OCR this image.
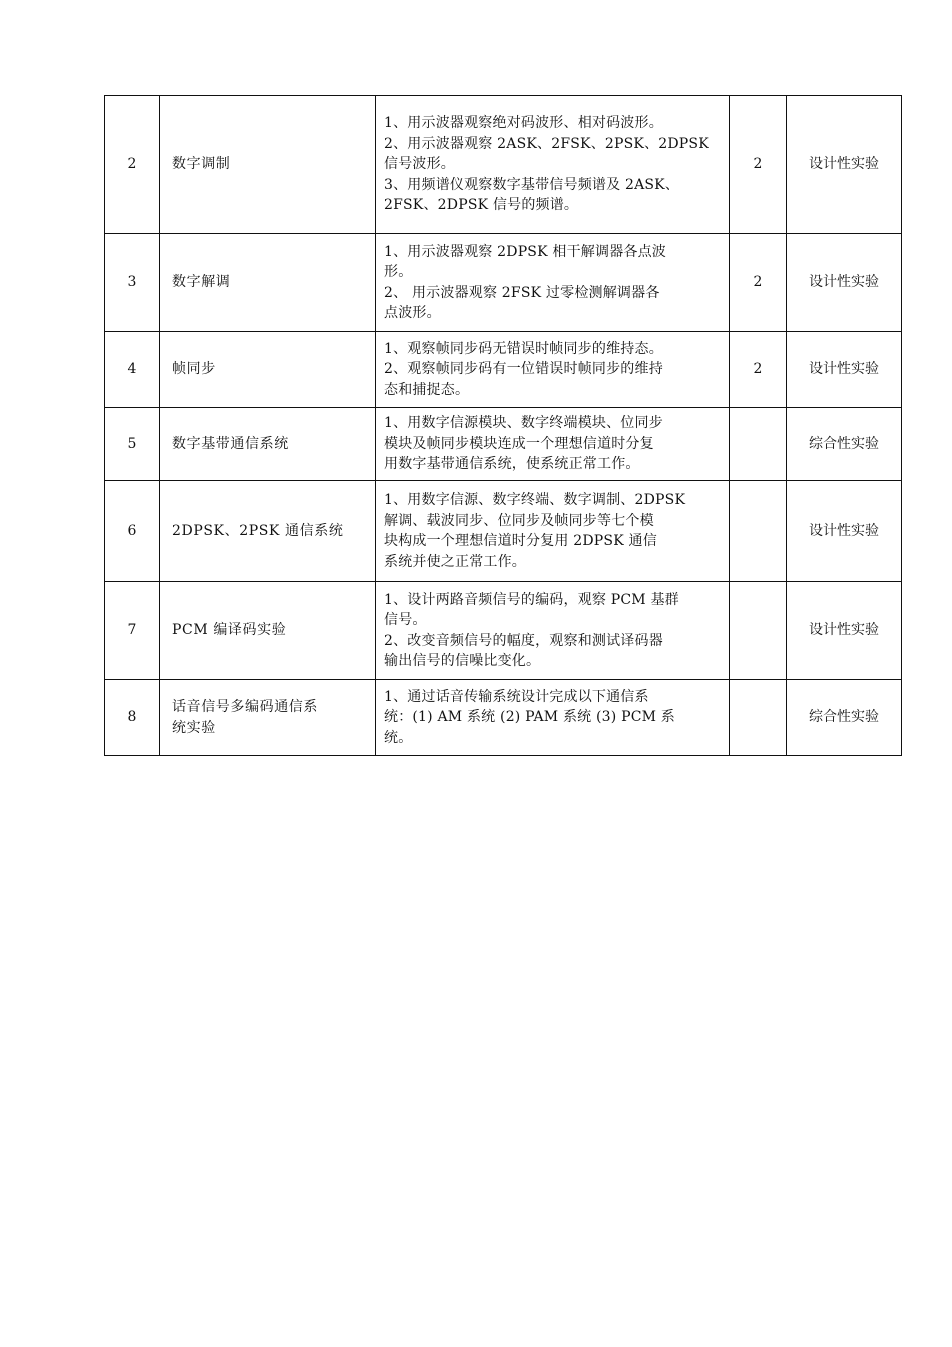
2	数字调制	1、用示波器观察绝对码波形、相对码波形。
2、用示波器观察 2ASK、2FSK、2PSK、2DPSK
信号波形。
3、用频谱仪观察数字基带信号频谱及 2ASK、
2FSK、2DPSK 信号的频谱。	2	设计性实验
3	数字解调	1、用示波器观察 2DPSK 相干解调器各点波
形。
2、 用示波器观察 2FSK 过零检测解调器各
点波形。	2	设计性实验
4	帧同步	1、观察帧同步码无错误时帧同步的维持态。
2、观察帧同步码有一位错误时帧同步的维持
态和捕捉态。	2	设计性实验
5	数字基带通信系统	1、用数字信源模块、数字终端模块、位同步
模块及帧同步模块连成一个理想信道时分复
用数字基带通信系统，使系统正常工作。		综合性实验
6	2DPSK、2PSK 通信系统	1、用数字信源、数字终端、数字调制、2DPSK
解调、载波同步、位同步及帧同步等七个模
块构成一个理想信道时分复用 2DPSK 通信
系统并使之正常工作。		设计性实验
7	PCM 编译码实验	1、设计两路音频信号的编码，观察 PCM 基群
信号。
2、改变音频信号的幅度，观察和测试译码器
输出信号的信噪比变化。		设计性实验
8	话音信号多编码通信系
统实验	1、通过话音传输系统设计完成以下通信系
统：(1) AM 系统 (2) PAM 系统 (3) PCM 系
统。		综合性实验
